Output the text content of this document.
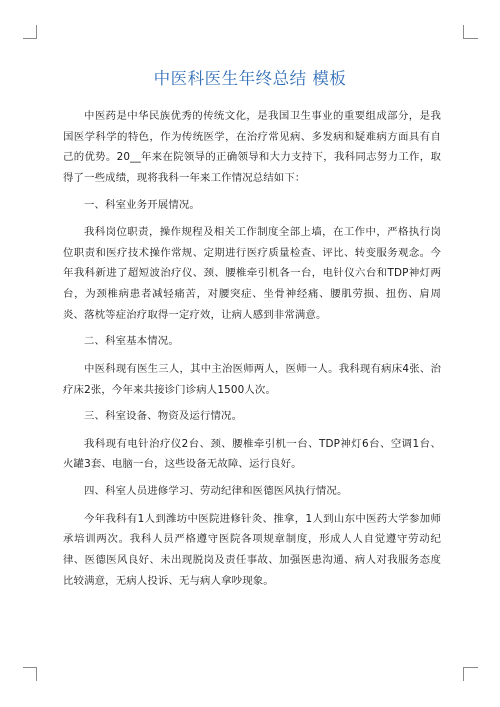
中医科医生年终总结 模板

中医药是中华民族优秀的传统文化，是我国卫生事业的重要组成部分，是我国医学科学的特色，作为传统医学，在治疗常见病、多发病和疑难病方面具有自己的优势。20__年来在院领导的正确领导和大力支持下，我科同志努力工作，取得了一些成绩，现将我科一年来工作情况总结如下：

一、科室业务开展情况。

我科岗位职责，操作规程及相关工作制度全部上墙，在工作中，严格执行岗位职责和医疗技术操作常规、定期进行医疗质量检查、评比、转变服务观念。今年我科新进了超短波治疗仪、颈、腰椎牵引机各一台，电针仪六台和TDP神灯两台，为颈椎病患者减轻痛苦，对腰突症、坐骨神经痛、腰肌劳损、扭伤、肩周炎、落枕等症治疗取得一定疗效，让病人感到非常满意。

二、科室基本情况。

中医科现有医生三人，其中主治医师两人，医师一人。我科现有病床4张、治疗床2张，今年来共接诊门诊病人1500人次。

三、科室设备、物资及运行情况。

我科现有电针治疗仪2台、颈、腰椎牵引机一台、TDP神灯6台、空调1台、火罐3套、电脑一台，这些设备无故障、运行良好。

四、科室人员进修学习、劳动纪律和医德医风执行情况。

今年我科有1人到潍坊中医院进修针灸、推拿，1人到山东中医药大学参加师承培训两次。我科人员严格遵守医院各项规章制度，形成人人自觉遵守劳动纪律、医德医风良好、未出现脱岗及责任事故、加强医患沟通、病人对我服务态度比较满意，无病人投诉、无与病人拿吵现象。
